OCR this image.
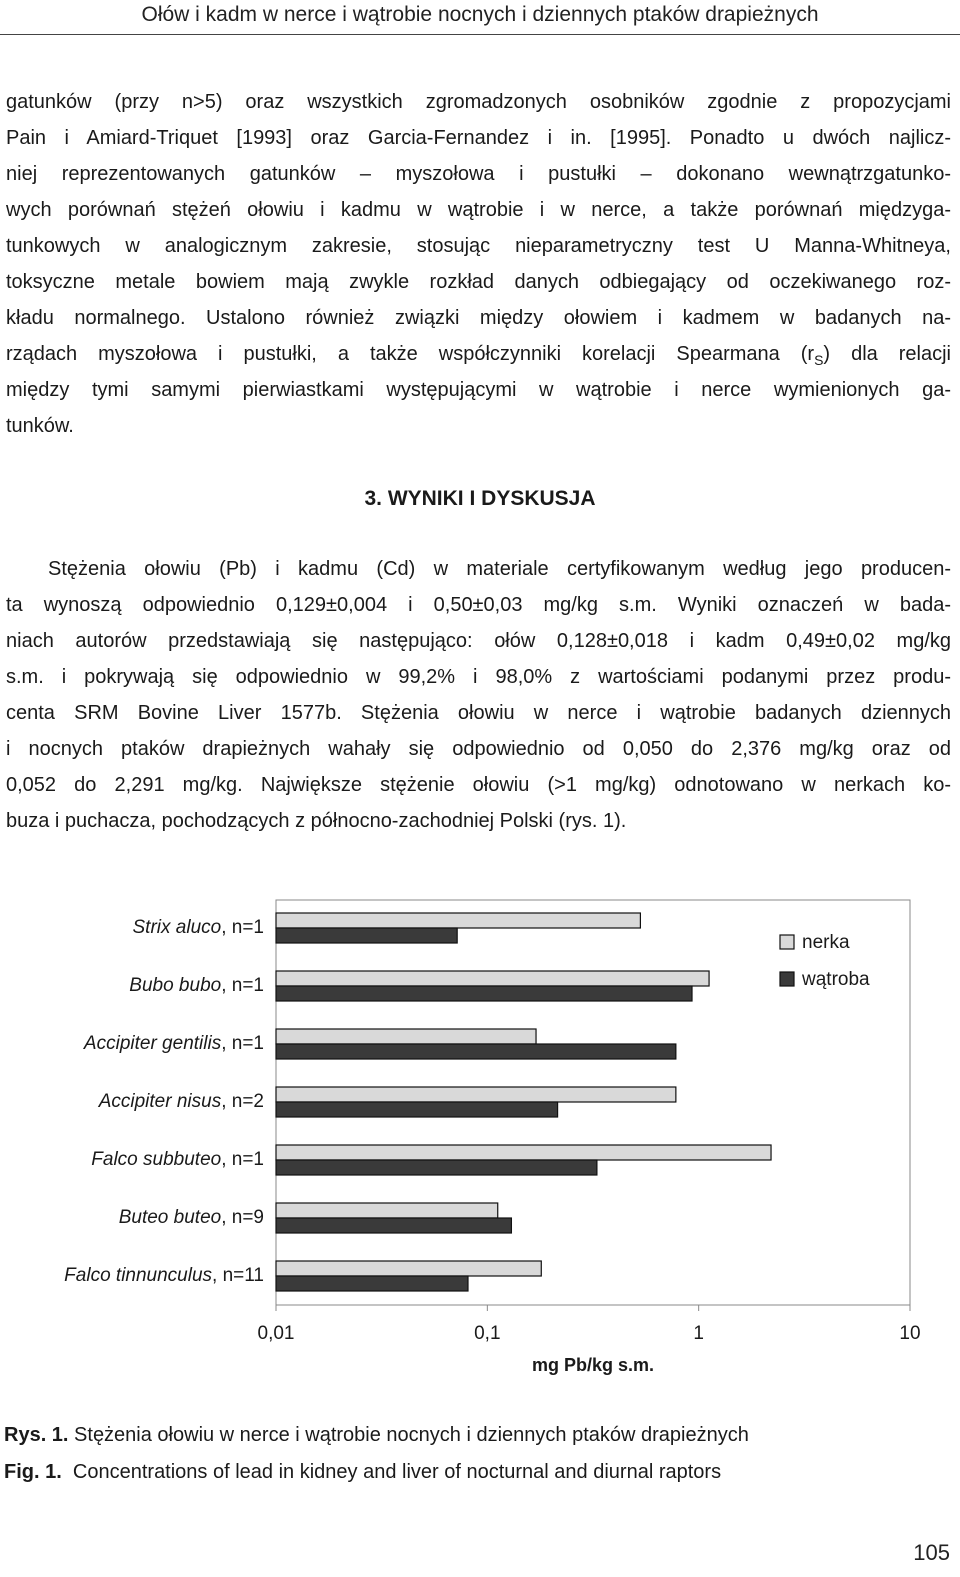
Ołów i kadm w nerce i wątrobie nocnych i dziennych ptaków drapieżnych
gatunków (przy n>5) oraz wszystkich zgromadzonych osobników zgodnie z propozycjami
Pain i Amiard-Triquet [1993] oraz Garcia-Fernandez i in. [1995]. Ponadto u dwóch najlicz-
niej reprezentowanych gatunków – myszołowa i pustułki – dokonano wewnątrzgatunko-
wych porównań stężeń ołowiu i kadmu w wątrobie i w nerce, a także porównań międzyga-
tunkowych w analogicznym zakresie, stosując nieparametryczny test U Manna-Whitneya,
toksyczne metale bowiem mają zwykle rozkład danych odbiegający od oczekiwanego roz-
kładu normalnego. Ustalono również związki między ołowiem i kadmem w badanych na-
rządach myszołowa i pustułki, a także współczynniki korelacji Spearmana $(r_S)$ dla relacji
między tymi samymi pierwiastkami występującymi w wątrobie i nerce wymienionych ga-
tunków.
3. WYNIKI I DYSKUSJA
Stężenia ołowiu (Pb) i kadmu (Cd) w materiale certyfikowanym według jego producen-
ta wynoszą odpowiednio 0,129±0,004 i 0,50±0,03 mg/kg s.m. Wyniki oznaczeń w bada-
niach autorów przedstawiają się następująco: ołów 0,128±0,018 i kadm 0,49±0,02 mg/kg
s.m. i pokrywają się odpowiednio w 99,2% i 98,0% z wartościami podanymi przez produ-
centa SRM Bovine Liver 1577b. Stężenia ołowiu w nerce i wątrobie badanych dziennych
i nocnych ptaków drapieżnych wahały się odpowiednio od 0,050 do 2,376 mg/kg oraz od
0,052 do 2,291 mg/kg. Największe stężenie ołowiu (>1 mg/kg) odnotowano w nerkach ko-
buza i puchacza, pochodzących z północno-zachodniej Polski (rys. 1).
Strix aluco, n=1
Bubo bubo, n=1
Accipiter gentilis, n=1
Accipiter nisus, n=2
Falco subbuteo, n=1
Buteo buteo, n=9
Falco tinnunculus, n=11
0,01	0,1	1	10
mg Pb/kg s.m.
nerka
wątroba
Rys. 1. Stężenia ołowiu w nerce i wątrobie nocnych i dziennych ptaków drapieżnych
Fig. 1.  Concentrations of lead in kidney and liver of nocturnal and diurnal raptors
105
